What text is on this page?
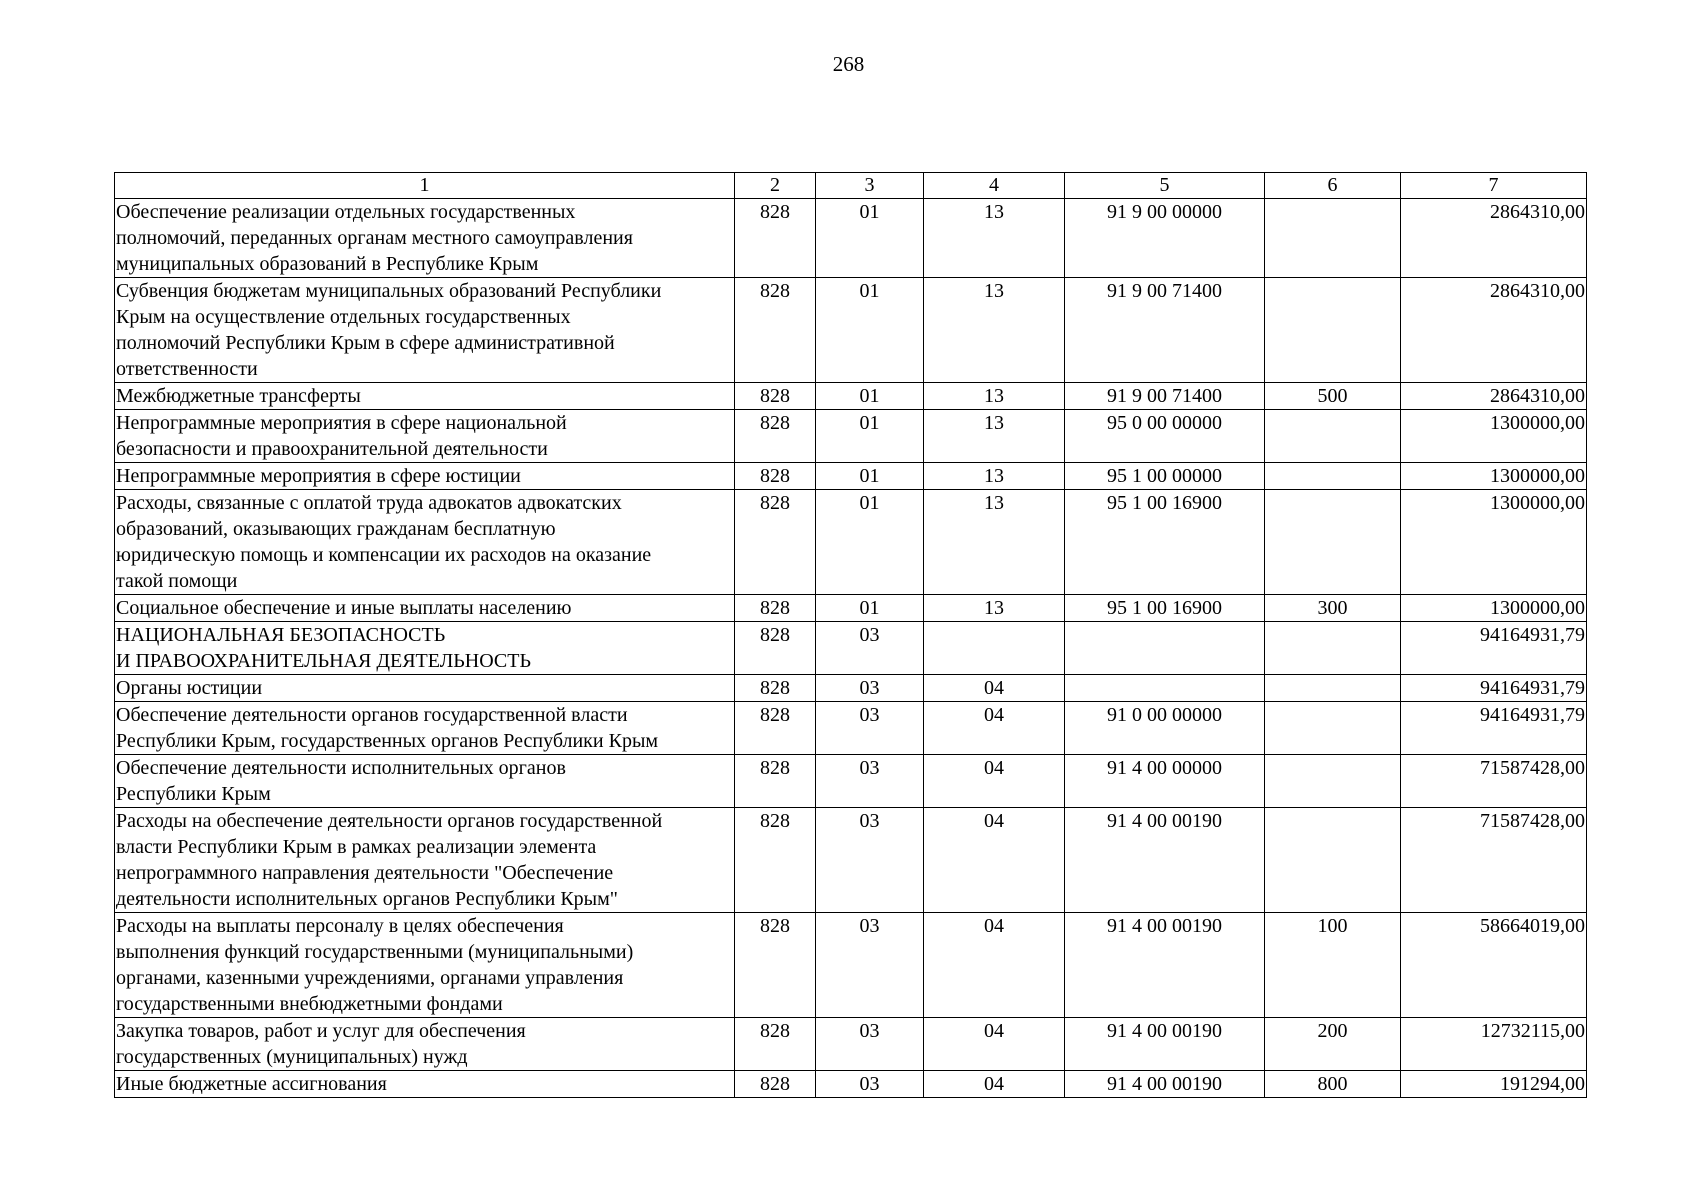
268
1	2	3	4	5	6	7
Обеспечение реализации отдельных государственных
полномочий, переданных органам местного самоуправления
муниципальных образований в Республике Крым	828	01	13	91 9 00 00000		2864310,00
Субвенция бюджетам муниципальных образований Республики
Крым на осуществление отдельных государственных
полномочий Республики Крым в сфере административной
ответственности	828	01	13	91 9 00 71400		2864310,00
Межбюджетные трансферты	828	01	13	91 9 00 71400	500	2864310,00
Непрограммные мероприятия в сфере национальной
безопасности и правоохранительной деятельности	828	01	13	95 0 00 00000		1300000,00
Непрограммные мероприятия в сфере юстиции	828	01	13	95 1 00 00000		1300000,00
Расходы, связанные с оплатой труда адвокатов адвокатских
образований, оказывающих гражданам бесплатную
юридическую помощь и компенсации их расходов на оказание
такой помощи	828	01	13	95 1 00 16900		1300000,00
Социальное обеспечение и иные выплаты населению	828	01	13	95 1 00 16900	300	1300000,00
НАЦИОНАЛЬНАЯ БЕЗОПАСНОСТЬ
И ПРАВООХРАНИТЕЛЬНАЯ ДЕЯТЕЛЬНОСТЬ	828	03				94164931,79
Органы юстиции	828	03	04			94164931,79
Обеспечение деятельности органов государственной власти
Республики Крым, государственных органов Республики Крым	828	03	04	91 0 00 00000		94164931,79
Обеспечение деятельности исполнительных органов
Республики Крым	828	03	04	91 4 00 00000		71587428,00
Расходы на обеспечение деятельности органов государственной
власти Республики Крым в рамках реализации элемента
непрограммного направления деятельности "Обеспечение
деятельности исполнительных органов Республики Крым"	828	03	04	91 4 00 00190		71587428,00
Расходы на выплаты персоналу в целях обеспечения
выполнения функций государственными (муниципальными)
органами, казенными учреждениями, органами управления
государственными внебюджетными фондами	828	03	04	91 4 00 00190	100	58664019,00
Закупка товаров, работ и услуг для обеспечения
государственных (муниципальных) нужд	828	03	04	91 4 00 00190	200	12732115,00
Иные бюджетные ассигнования	828	03	04	91 4 00 00190	800	191294,00
